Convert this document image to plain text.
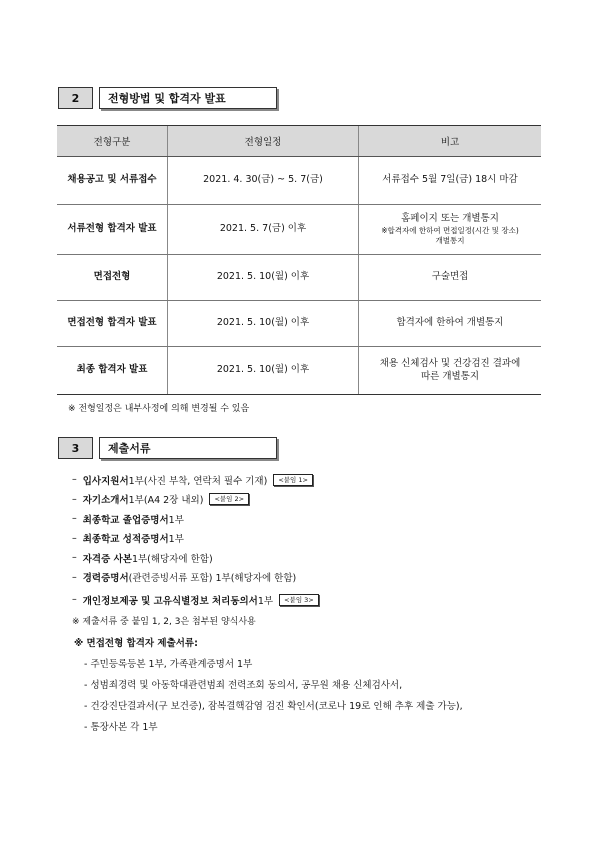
2	전형방법 및 합격자 발표
전형구분	전형일정	비고
채용공고 및 서류접수	2021. 4. 30(금) ~ 5. 7(금)	서류접수 5월 7일(금) 18시 마감
서류전형 합격자 발표	2021. 5. 7(금) 이후	홈페이지 또는 개별통지
※합격자에 한하여 면접일정(시간 및 장소)
개별통지

면접전형	2021. 5. 10(월) 이후	구술면접
면접전형 합격자 발표	2021. 5. 10(월) 이후	합격자에 한하여 개별통지
최종 합격자 발표	2021. 5. 10(월) 이후	채용 신체검사 및 건강검진 결과에
따른 개별통지
※ 전형일정은 내부사정에 의해 변경될 수 있음
3	제출서류
– 입사지원서 1부(사진 부착, 연락처 필수 기재)	<붙임 1>
– 자기소개서 1부(A4 2장 내외)	<붙임 2>
– 최종학교 졸업증명서 1부
– 최종학교 성적증명서 1부
– 자격증 사본 1부(해당자에 한함)
– 경력증명서 (관련증빙서류 포함) 1부(해당자에 한함)
– 개인정보제공 및 고유식별정보 처리동의서 1부	<붙임 3>
※ 제출서류 중 붙임 1, 2, 3은 첨부된 양식사용
※ 면접전형 합격자 제출서류:
- 주민등록등본 1부, 가족관계증명서 1부
- 성범죄경력 및 아동학대관련범죄 전력조회 동의서, 공무원 채용 신체검사서,
- 건강진단결과서(구 보건증), 잠복결핵감염 검진 확인서(코로나 19로 인해 추후 제출 가능),
- 통장사본 각 1부
